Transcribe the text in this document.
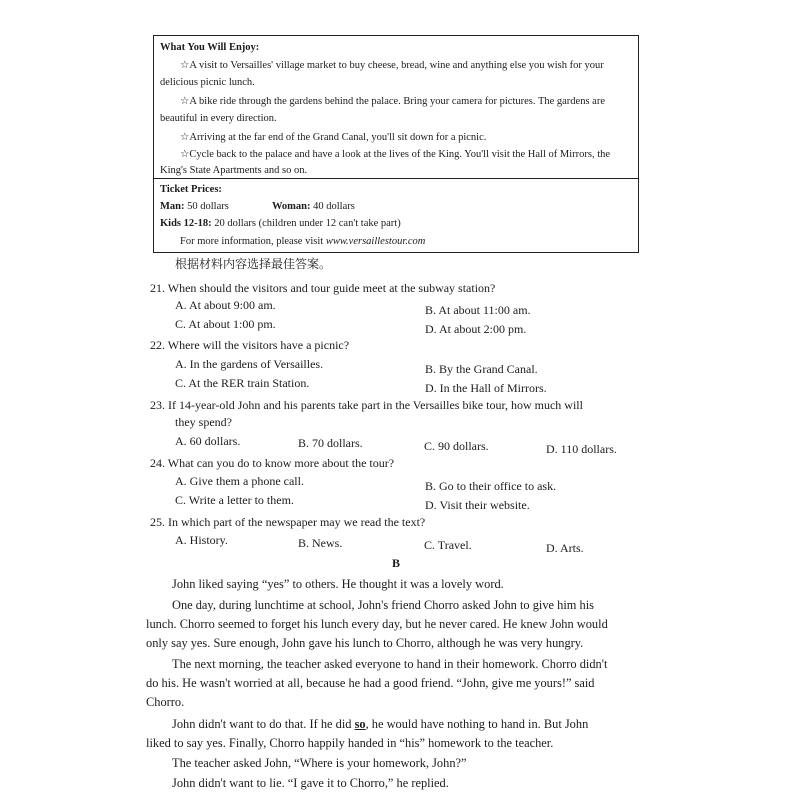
What You Will Enjoy:
☆A visit to Versailles' village market to buy cheese, bread, wine and anything else you wish for your
delicious picnic lunch.
☆A bike ride through the gardens behind the palace. Bring your camera for pictures. The gardens are
beautiful in every direction.
☆Arriving at the far end of the Grand Canal, you'll sit down for a picnic.
☆Cycle back to the palace and have a look at the lives of the King. You'll visit the Hall of Mirrors, the
King's State Apartments and so on.
Ticket Prices:
Man: 50 dollars	Woman: 40 dollars
Kids 12-18: 20 dollars (children under 12 can't take part)
For more information, please visit www.versaillestour.com
根据材料内容选择最佳答案。
21. When should the visitors and tour guide meet at the subway station?
A. At about 9:00 am.	B. At about 11:00 am.
C. At about 1:00 pm.	D. At about 2:00 pm.
22. Where will the visitors have a picnic?
A. In the gardens of Versailles.	B. By the Grand Canal.
C. At the RER train Station.	D. In the Hall of Mirrors.
23. If 14-year-old John and his parents take part in the Versailles bike tour, how much will
they spend?
A. 60 dollars.	B. 70 dollars.	C. 90 dollars.	D. 110 dollars.
24. What can you do to know more about the tour?
A. Give them a phone call.	B. Go to their office to ask.
C. Write a letter to them.	D. Visit their website.
25. In which part of the newspaper may we read the text?
A. History.	B. News.	C. Travel.	D. Arts.
B
John liked saying “yes” to others. He thought it was a lovely word.
One day, during lunchtime at school, John's friend Chorro asked John to give him his
lunch. Chorro seemed to forget his lunch every day, but he never cared. He knew John would
only say yes. Sure enough, John gave his lunch to Chorro, although he was very hungry.
The next morning, the teacher asked everyone to hand in their homework. Chorro didn't
do his. He wasn't worried at all, because he had a good friend. “John, give me yours!” said
Chorro.
John didn't want to do that. If he did so, he would have nothing to hand in. But John
liked to say yes. Finally, Chorro happily handed in “his” homework to the teacher.
The teacher asked John, “Where is your homework, John?”
John didn't want to lie. “I gave it to Chorro,” he replied.
